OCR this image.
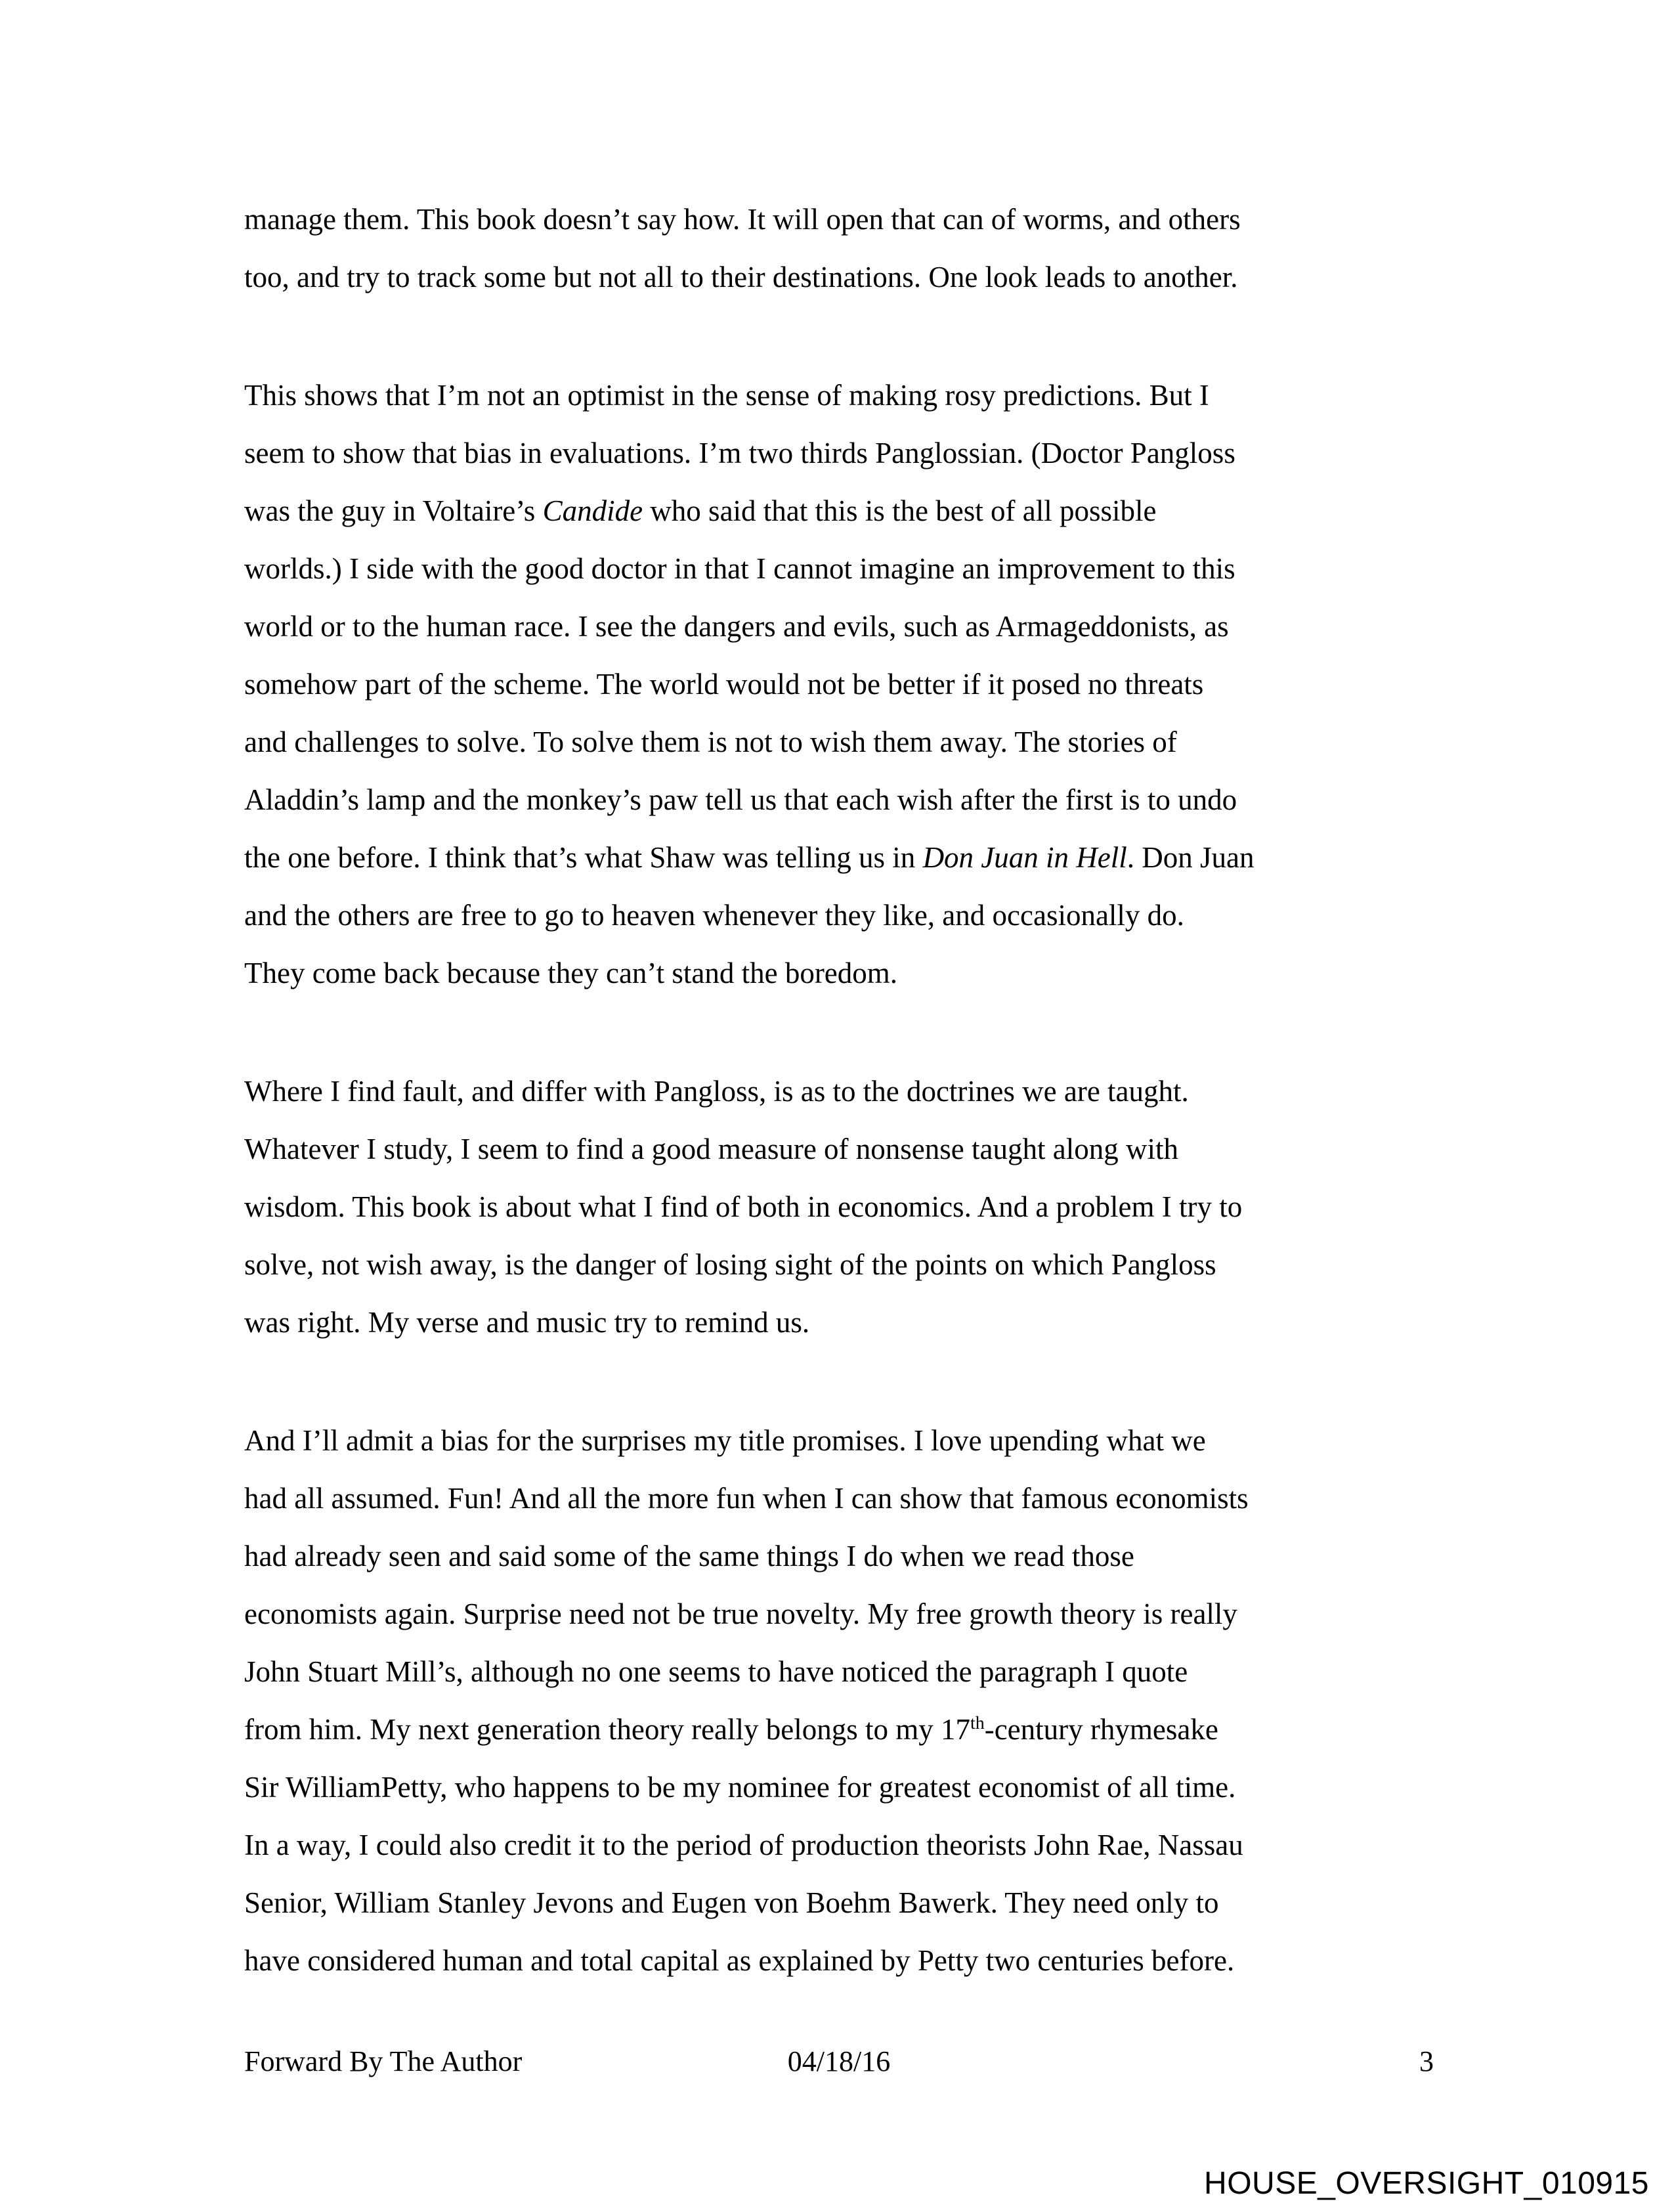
manage them. This book doesn’t say how. It will open that can of worms, and others
too, and try to track some but not all to their destinations. One look leads to another.
This shows that I’m not an optimist in the sense of making rosy predictions. But I
seem to show that bias in evaluations. I’m two thirds Panglossian. (Doctor Pangloss
was the guy in Voltaire’s Candide who said that this is the best of all possible
worlds.) I side with the good doctor in that I cannot imagine an improvement to this
world or to the human race. I see the dangers and evils, such as Armageddonists, as
somehow part of the scheme. The world would not be better if it posed no threats
and challenges to solve. To solve them is not to wish them away. The stories of
Aladdin’s lamp and the monkey’s paw tell us that each wish after the first is to undo
the one before. I think that’s what Shaw was telling us in Don Juan in Hell. Don Juan
and the others are free to go to heaven whenever they like, and occasionally do.
They come back because they can’t stand the boredom.
Where I find fault, and differ with Pangloss, is as to the doctrines we are taught.
Whatever I study, I seem to find a good measure of nonsense taught along with
wisdom. This book is about what I find of both in economics. And a problem I try to
solve, not wish away, is the danger of losing sight of the points on which Pangloss
was right. My verse and music try to remind us.
And I’ll admit a bias for the surprises my title promises. I love upending what we
had all assumed. Fun! And all the more fun when I can show that famous economists
had already seen and said some of the same things I do when we read those
economists again. Surprise need not be true novelty. My free growth theory is really
John Stuart Mill’s, although no one seems to have noticed the paragraph I quote
from him. My next generation theory really belongs to my 17th-century rhymesake
Sir WilliamPetty, who happens to be my nominee for greatest economist of all time.
In a way, I could also credit it to the period of production theorists John Rae, Nassau
Senior, William Stanley Jevons and Eugen von Boehm Bawerk. They need only to
have considered human and total capital as explained by Petty two centuries before.
Forward By The Author	04/18/16	3
HOUSE_OVERSIGHT_010915
